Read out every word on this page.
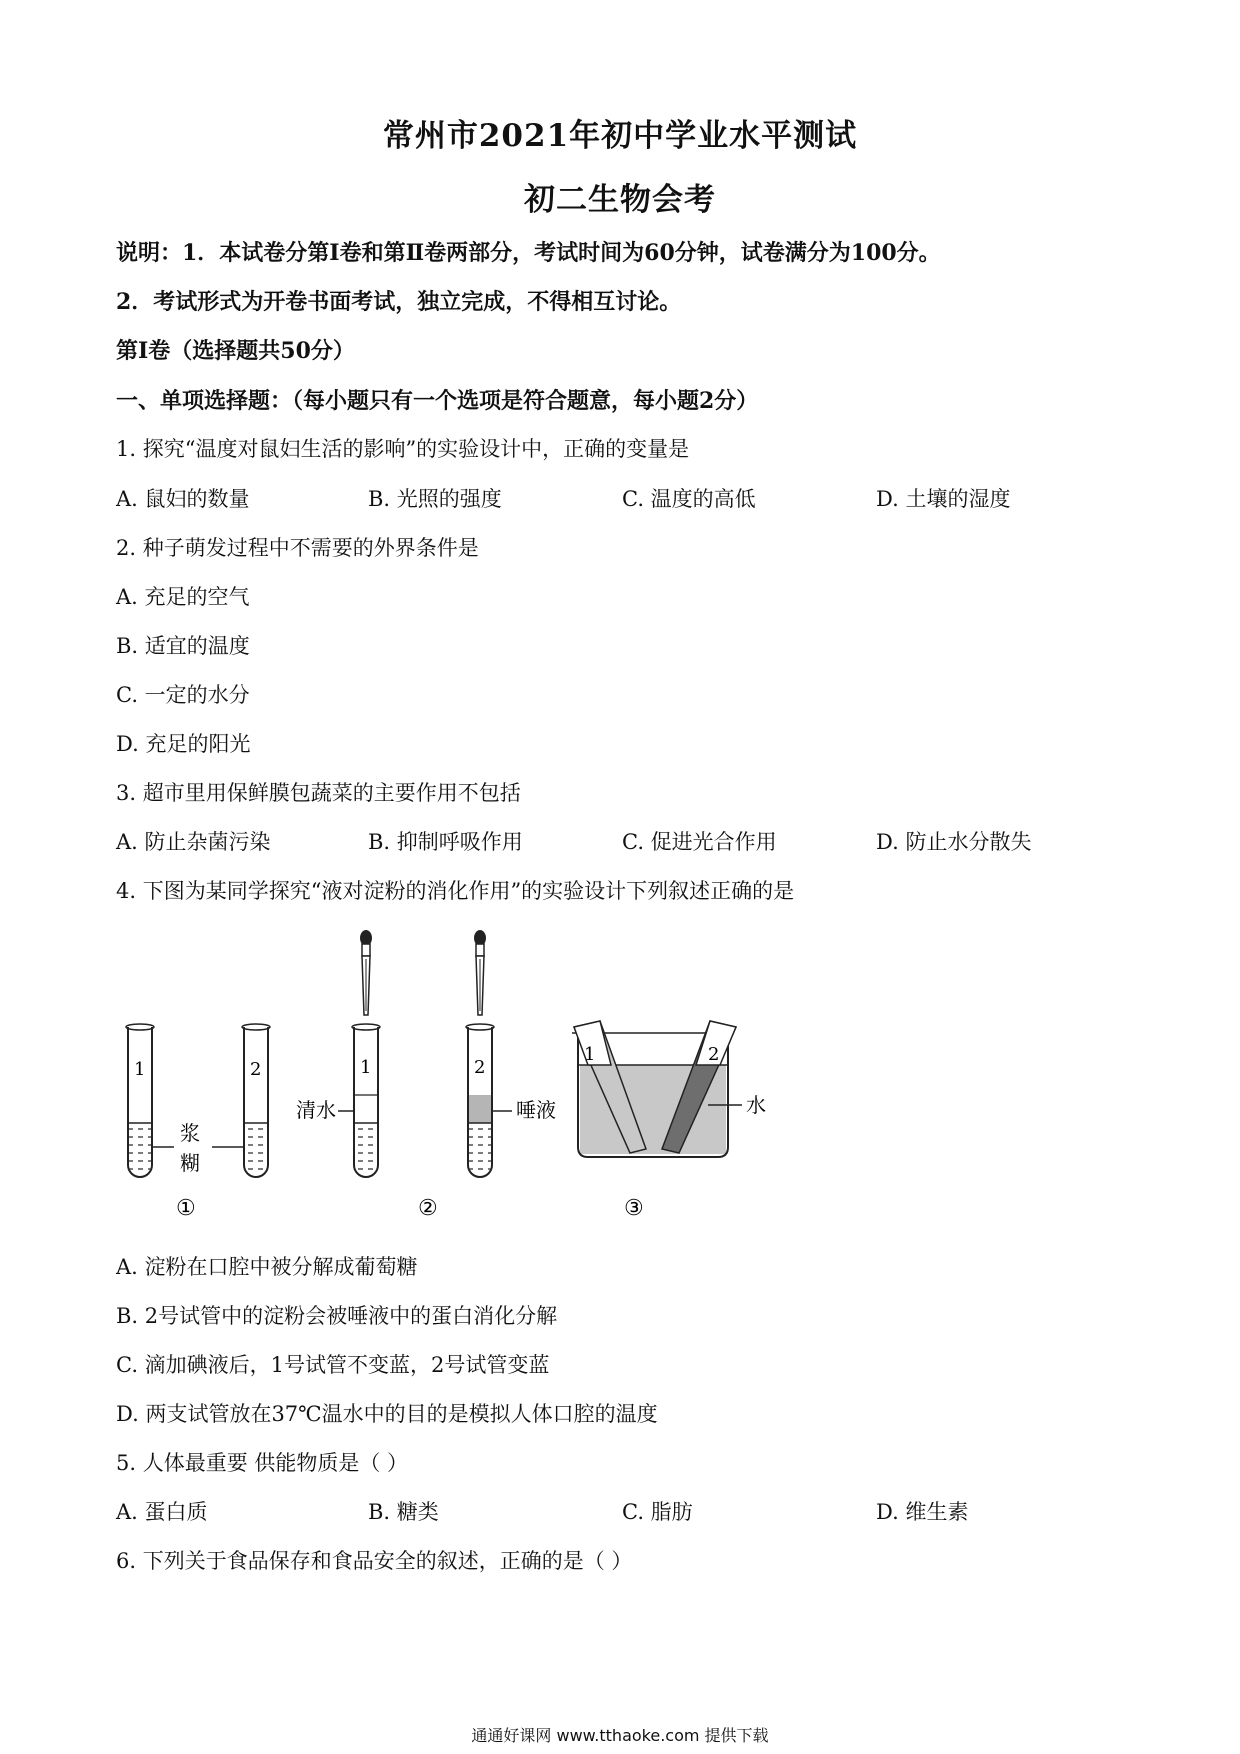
常州市2021年初中学业水平测试
初二生物会考
说明：1．本试卷分第Ⅰ卷和第Ⅱ卷两部分，考试时间为60分钟，试卷满分为100分。
2．考试形式为开卷书面考试，独立完成，不得相互讨论。
第Ⅰ卷（选择题共50分）
一、单项选择题：（每小题只有一个选项是符合题意，每小题2分）
1. 探究“温度对鼠妇生活的影响”的实验设计中，正确的变量是
A. 鼠妇的数量	B. 光照的强度	C. 温度的高低	D. 土壤的湿度
2. 种子萌发过程中不需要的外界条件是
A. 充足的空气
B. 适宜的温度
C. 一定的水分
D. 充足的阳光
3. 超市里用保鲜膜包蔬菜的主要作用不包括
A. 防止杂菌污染	B. 抑制呼吸作用	C. 促进光合作用	D. 防止水分散失
4. 下图为某同学探究“液对淀粉的消化作用”的实验设计下列叙述正确的是
1	2
浆
糊
①
1
清水
2
唾液
②
1	2
水
③
A. 淀粉在口腔中被分解成葡萄糖
B. 2号试管中的淀粉会被唾液中的蛋白消化分解
C. 滴加碘液后，1号试管不变蓝，2号试管变蓝
D. 两支试管放在37℃温水中的目的是模拟人体口腔的温度
5. 人体最重要 供能物质是（ ）
A. 蛋白质	B. 糖类	C. 脂肪	D. 维生素
6. 下列关于食品保存和食品安全的叙述，正确的是（ ）
通通好课网 www.tthaoke.com 提供下载
